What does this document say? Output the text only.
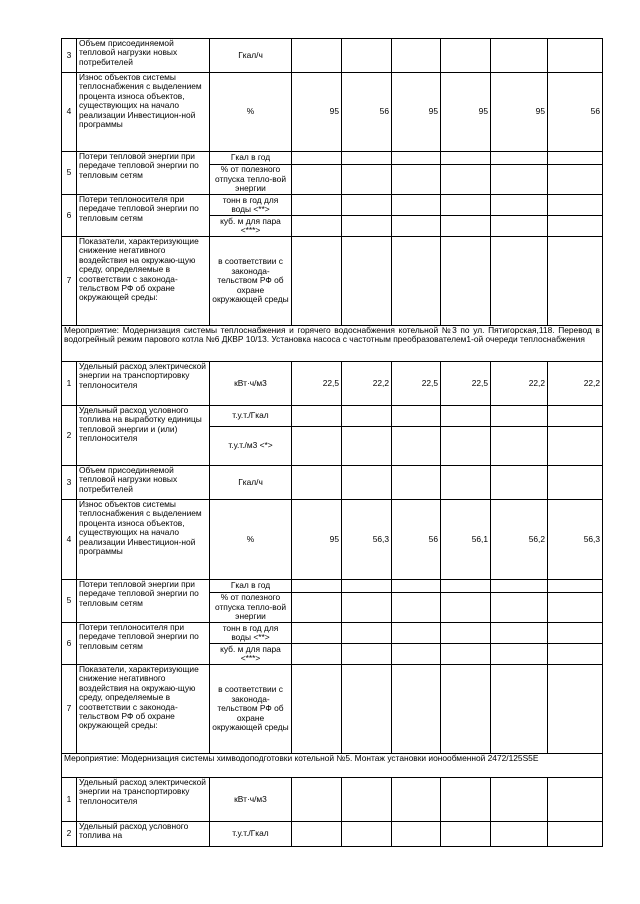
3	Объем присоединяемой тепловой нагрузки новых потребителей	Гкал/ч						
4	Износ объектов системы теплоснабжения с выделением процента износа объектов, существующих на начало реализации Инвестицион-ной программы	%	95	56	95	95	95	56
5	Потери тепловой энергии при передаче тепловой энергии по тепловым сетям	Гкал в год						
		% от полезного отпуска тепло-вой энергии						
6	Потери теплоносителя при передаче тепловой энергии по тепловым сетям	тонн в год для воды <**>						
		куб. м для пара <***>						
7	Показатели, характеризующие снижение негативного воздействия на окружаю-щую среду, определяемые в соответствии с законода-тельством РФ об охране окружающей среды:	в соответствии с законода-тельством РФ об охране окружающей среды						
Мероприятие: Модернизация системы теплоснабжения и горячего водоснабжения котельной №3 по ул. Пятигорская,118. Перевод в водогрейный режим парового котла №6 ДКВР 10/13. Установка насоса с частотным преобразователем1-ой очереди теплоснабжения								
1	Удельный расход электрической энергии на транспортировку теплоносителя	кВт·ч/м3	22,5	22,2	22,5	22,5	22,2	22,2
2	Удельный расход условного топлива на выработку единицы тепловой энергии и (или) теплоносителя	т.у.т./Гкал						
		т.у.т./м3 <*>						
3	Объем присоединяемой тепловой нагрузки новых потребителей	Гкал/ч						
4	Износ объектов системы теплоснабжения с выделением процента износа объектов, существующих на начало реализации Инвестицион-ной программы	%	95	56,3	56	56,1	56,2	56,3
5	Потери тепловой энергии при передаче тепловой энергии по тепловым сетям	Гкал в год						
		% от полезного отпуска тепло-вой энергии						
6	Потери теплоносителя при передаче тепловой энергии по тепловым сетям	тонн в год для воды <**>						
		куб. м для пара <***>						
7	Показатели, характеризующие снижение негативного воздействия на окружаю-щую среду, определяемые в соответствии с законода-тельством РФ об охране окружающей среды:	в соответствии с законода-тельством РФ об охране окружающей среды						
Мероприятие: Модернизация системы химводоподготовки котельной №5. Монтаж установки ионообменной 2472/125S5E								
1	Удельный расход электрической энергии на транспортировку теплоносителя	кВт·ч/м3						
2	Удельный расход условного топлива на	т.у.т./Гкал						
